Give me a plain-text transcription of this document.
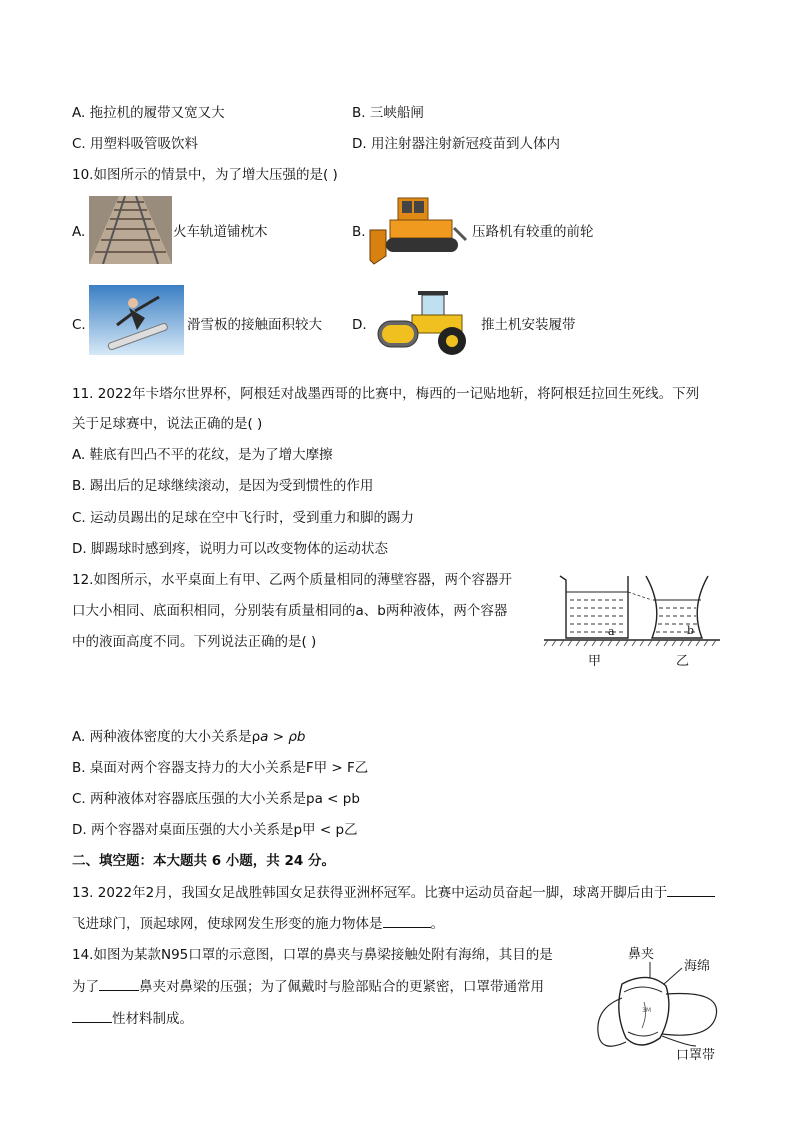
A. 拖拉机的履带又宽又大	B. 三峡船闸
C. 用塑料吸管吸饮料	D. 用注射器注射新冠疫苗到人体内
10.如图所示的情景中，为了增大压强的是( )
A.	火车轨道铺枕木	B.	压路机有较重的前轮
C.	滑雪板的接触面积较大 D.	推土机安装履带
11. 2022年卡塔尔世界杯，阿根廷对战墨西哥的比赛中，梅西的一记贴地斩，将阿根廷拉回生死线。下列
关于足球赛中，说法正确的是( )
A. 鞋底有凹凸不平的花纹，是为了增大摩擦
B. 踢出后的足球继续滚动，是因为受到惯性的作用
C. 运动员踢出的足球在空中飞行时，受到重力和脚的踢力
D. 脚踢球时感到疼，说明力可以改变物体的运动状态
12.如图所示，水平桌面上有甲、乙两个质量相同的薄壁容器，两个容器开
口大小相同、底面积相同，分别装有质量相同的a、b两种液体，两个容器
中的液面高度不同。下列说法正确的是( )
a	b
甲	乙
A. 两种液体密度的大小关系是ρa > ρb
B. 桌面对两个容器支持力的大小关系是F甲 > F乙
C. 两种液体对容器底压强的大小关系是pa < pb
D. 两个容器对桌面压强的大小关系是p甲 < p乙
二、填空题：本大题共 6 小题，共 24 分。
13. 2022年2月，我国女足战胜韩国女足获得亚洲杯冠军。比赛中运动员奋起一脚，球离开脚后由于
飞进球门，顶起球网，使球网发生形变的施力物体是	。
14.如图为某款N95口罩的示意图，口罩的鼻夹与鼻梁接触处附有海绵，其目的是
为了	鼻夹对鼻梁的压强；为了佩戴时与脸部贴合的更紧密，口罩带通常用
性材料制成。
鼻夹
海绵
3M
口罩带
